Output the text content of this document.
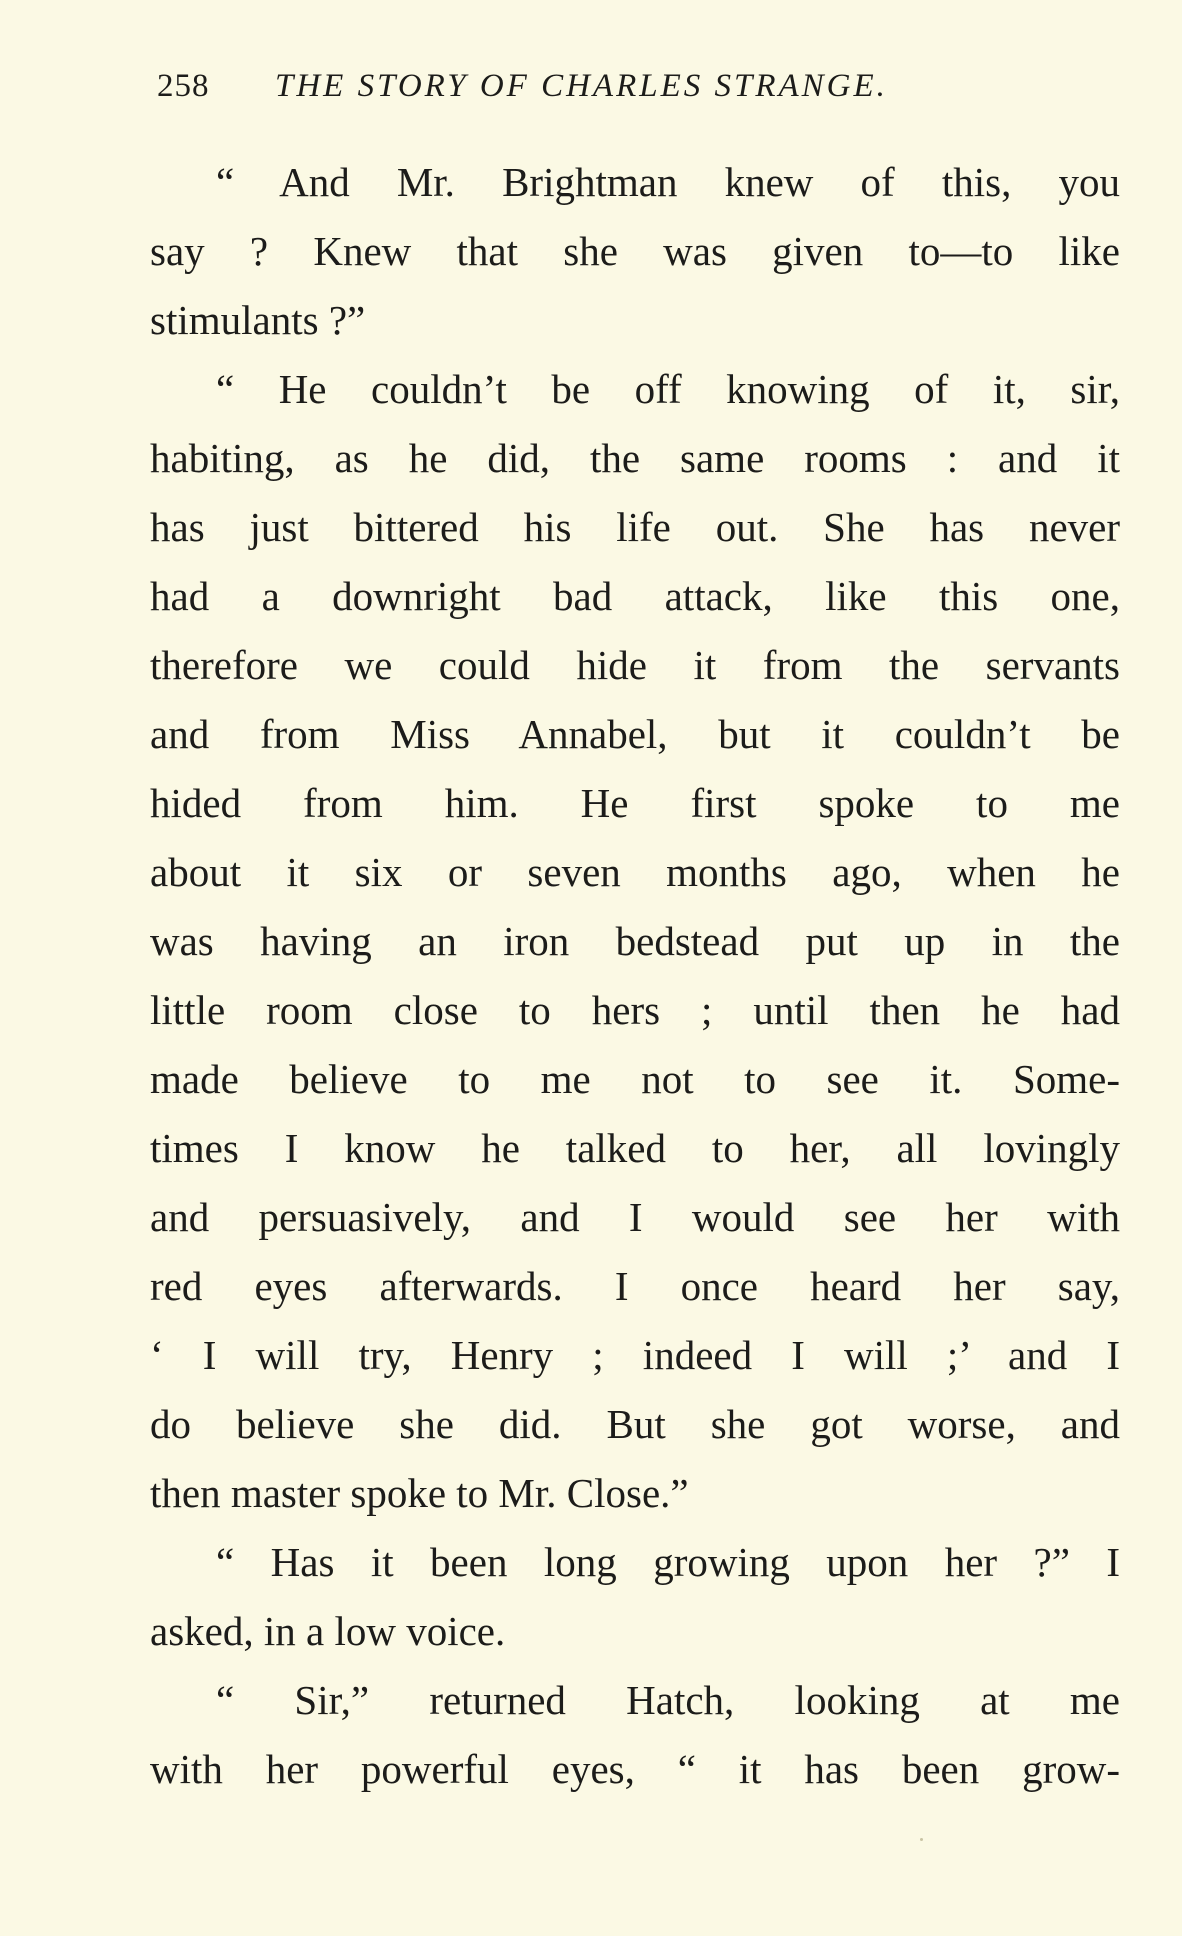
258 THE STORY OF CHARLES STRANGE.
“ And Mr. Brightman knew of this, you
say ? Knew that she was given to—to like
stimulants ?”
“ He couldn’t be off knowing of it, sir,
habiting, as he did, the same rooms : and it
has just bittered his life out. She has never
had a downright bad attack, like this one,
therefore we could hide it from the servants
and from Miss Annabel, but it couldn’t be
hided from him. He first spoke to me
about it six or seven months ago, when he
was having an iron bedstead put up in the
little room close to hers ; until then he had
made believe to me not to see it. Some-
times I know he talked to her, all lovingly
and persuasively, and I would see her with
red eyes afterwards. I once heard her say,
‘ I will try, Henry ; indeed I will ;’ and I
do believe she did. But she got worse, and
then master spoke to Mr. Close.”
“ Has it been long growing upon her ?” I
asked, in a low voice.
“ Sir,” returned Hatch, looking at me
with her powerful eyes, “ it has been grow-
